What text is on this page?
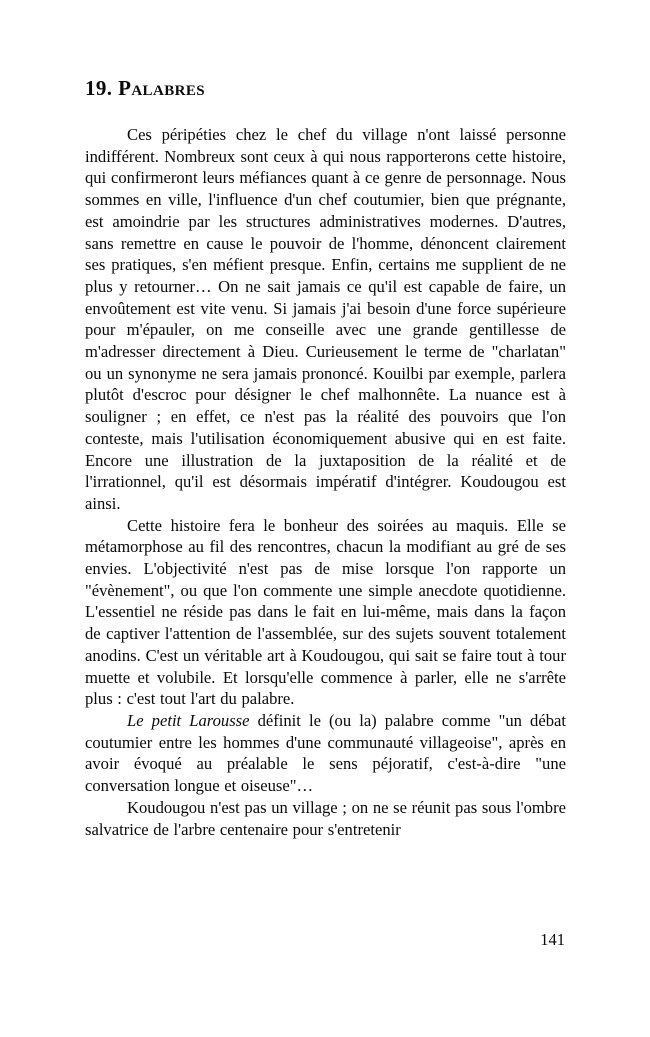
19. Palabres

Ces péripéties chez le chef du village n'ont laissé personne indifférent. Nombreux sont ceux à qui nous rapporterons cette histoire, qui confirmeront leurs méfiances quant à ce genre de personnage. Nous sommes en ville, l'influence d'un chef coutumier, bien que prégnante, est amoindrie par les structures administratives modernes. D'autres, sans remettre en cause le pouvoir de l'homme, dénoncent clairement ses pratiques, s'en méfient presque. Enfin, certains me supplient de ne plus y retourner… On ne sait jamais ce qu'il est capable de faire, un envoûtement est vite venu. Si jamais j'ai besoin d'une force supérieure pour m'épauler, on me conseille avec une grande gentillesse de m'adresser directement à Dieu. Curieusement le terme de "charlatan" ou un synonyme ne sera jamais prononcé. Kouilbi par exemple, parlera plutôt d'escroc pour désigner le chef malhonnête. La nuance est à souligner ; en effet, ce n'est pas la réalité des pouvoirs que l'on conteste, mais l'utilisation économiquement abusive qui en est faite. Encore une illustration de la juxtaposition de la réalité et de l'irrationnel, qu'il est désormais impératif d'intégrer. Koudougou est ainsi.

Cette histoire fera le bonheur des soirées au maquis. Elle se métamorphose au fil des rencontres, chacun la modifiant au gré de ses envies. L'objectivité n'est pas de mise lorsque l'on rapporte un "évènement", ou que l'on commente une simple anecdote quotidienne. L'essentiel ne réside pas dans le fait en lui-même, mais dans la façon de captiver l'attention de l'assemblée, sur des sujets souvent totalement anodins. C'est un véritable art à Koudougou, qui sait se faire tout à tour muette et volubile. Et lorsqu'elle commence à parler, elle ne s'arrête plus : c'est tout l'art du palabre.

Le petit Larousse définit le (ou la) palabre comme "un débat coutumier entre les hommes d'une communauté villageoise", après en avoir évoqué au préalable le sens péjoratif, c'est-à-dire "une conversation longue et oiseuse"…

Koudougou n'est pas un village ; on ne se réunit pas sous l'ombre salvatrice de l'arbre centenaire pour s'entretenir

141
